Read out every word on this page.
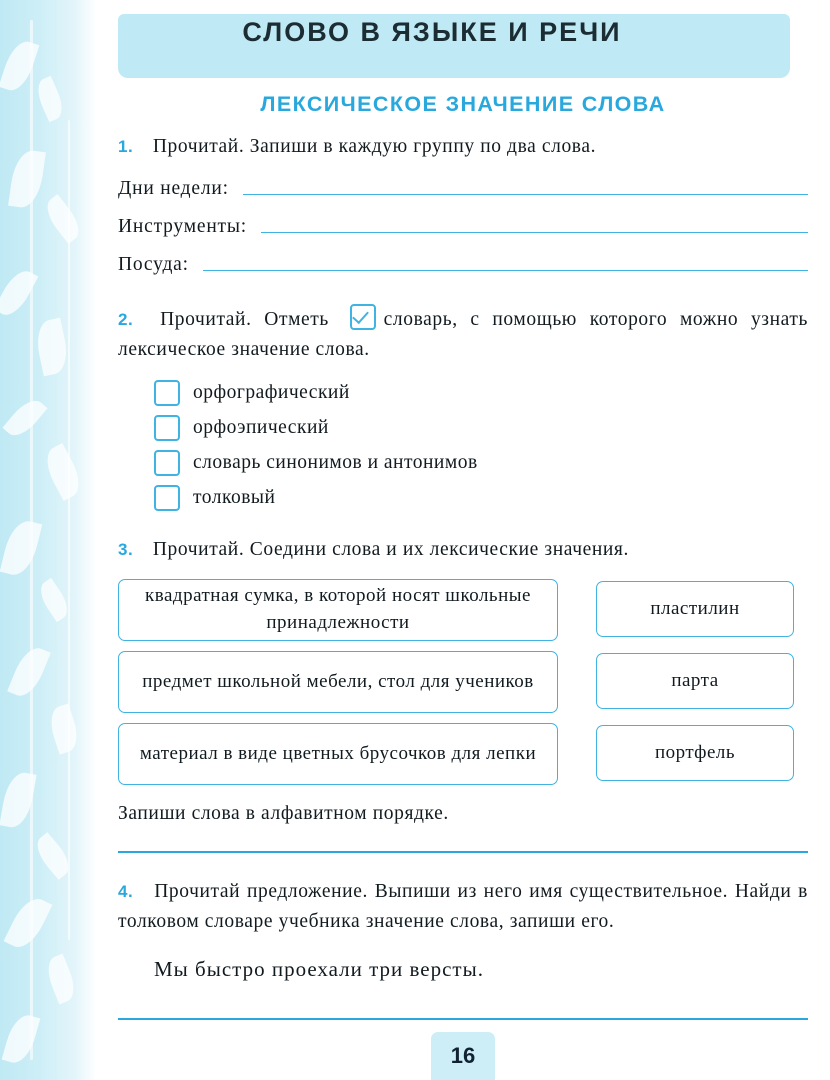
СЛОВО В ЯЗЫКЕ И РЕЧИ
ЛЕКСИЧЕСКОЕ ЗНАЧЕНИЕ СЛОВА
1. Прочитай. Запиши в каждую группу по два слова.
Дни недели:
Инструменты:
Посуда:
2. Прочитай. Отметь	словарь, с помощью которого можно узнать лексическое значение слова.
орфографический
орфоэпический
словарь синонимов и антонимов
толковый
3. Прочитай. Соедини слова и их лексические значения.
квадратная сумка, в которой носят школьные принадлежности
предмет школьной мебели, стол для учеников
материал в виде цветных брусочков для лепки
пластилин
парта
портфель
Запиши слова в алфавитном порядке.
4. Прочитай предложение. Выпиши из него имя существительное. Найди в толковом словаре учебника значение слова, запиши его.
Мы быстро проехали три версты.
16
